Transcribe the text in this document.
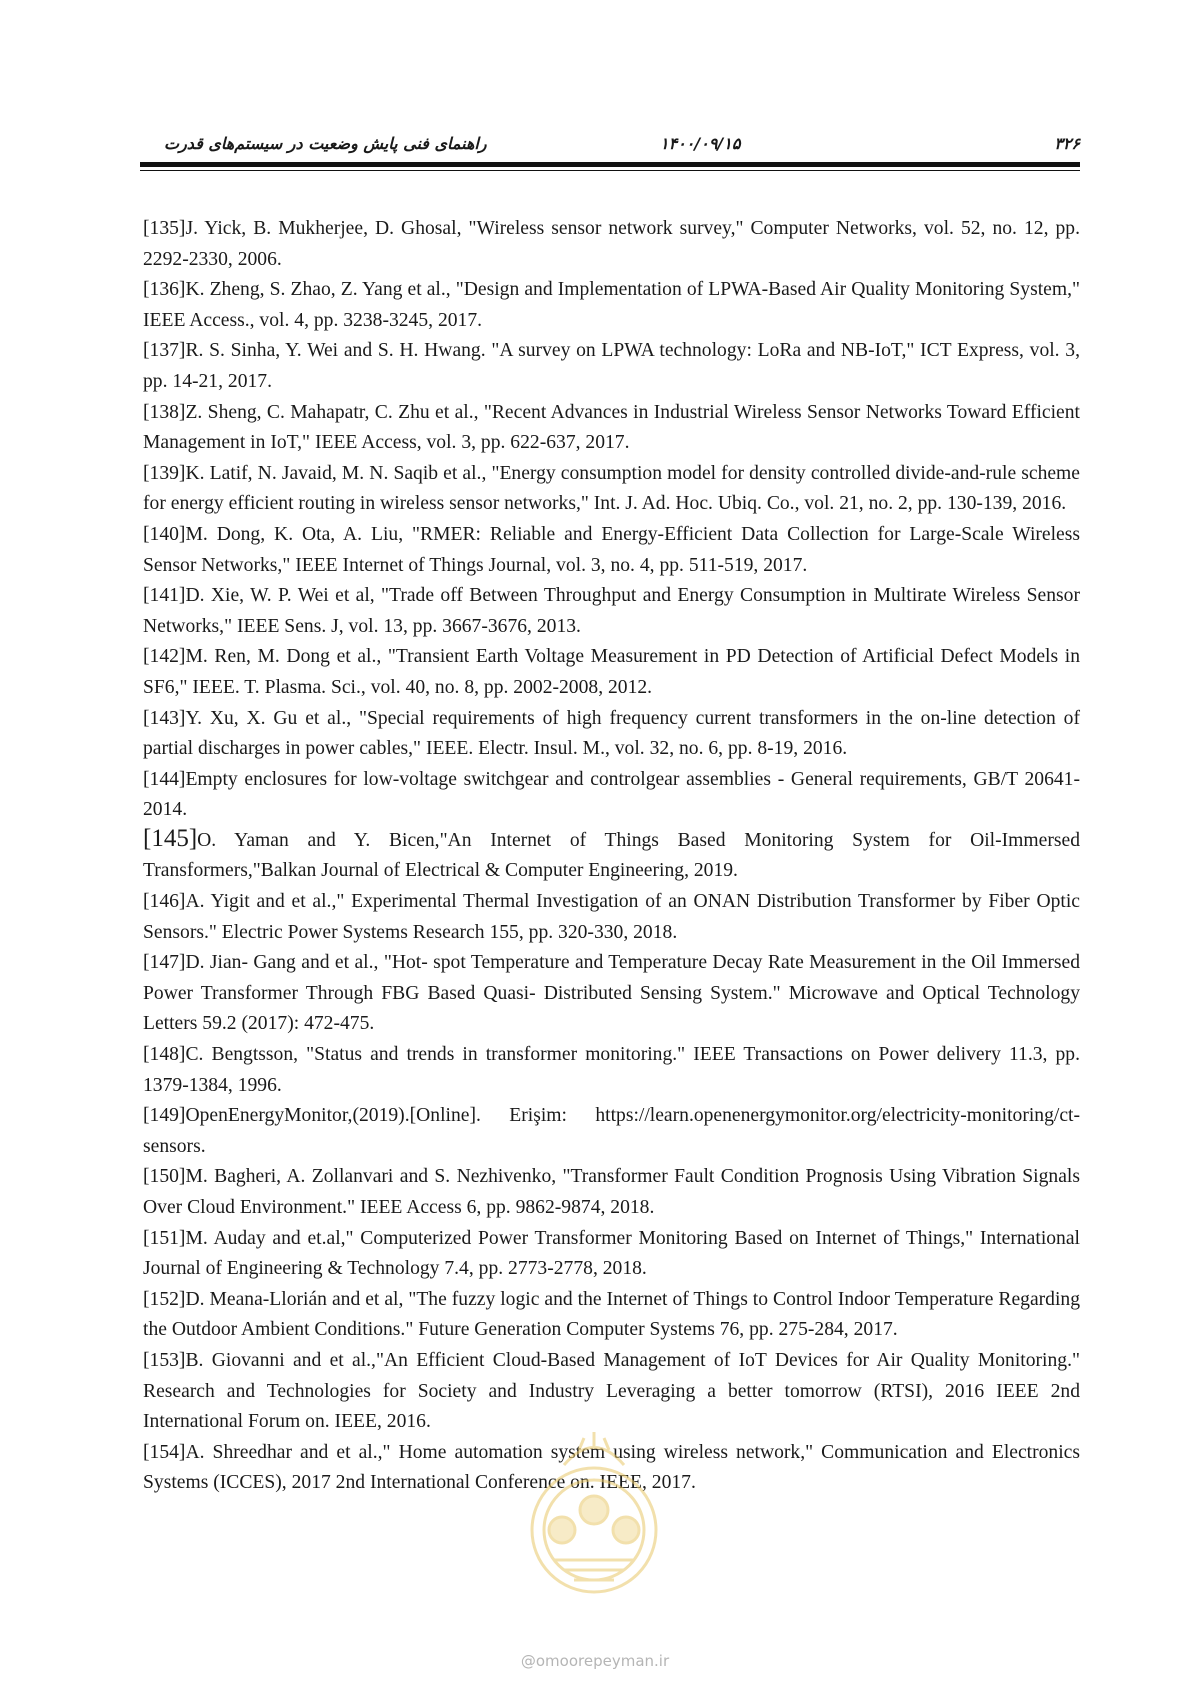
راهنمای فنی پایش وضعیت در سیستم‌های قدرت	۱۴۰۰/۰۹/۱۵	۳۲۶

[135]J. Yick, B. Mukherjee, D. Ghosal, "Wireless sensor network survey," Computer Networks, vol. 52, no. 12, pp. 2292-2330, 2006.

[136]K. Zheng, S. Zhao, Z. Yang et al., "Design and Implementation of LPWA-Based Air Quality Monitoring System," IEEE Access., vol. 4, pp. 3238-3245, 2017.

[137]R. S. Sinha, Y. Wei and S. H. Hwang. "A survey on LPWA technology: LoRa and NB-IoT," ICT Express, vol. 3, pp. 14-21, 2017.

[138]Z. Sheng, C. Mahapatr, C. Zhu et al., "Recent Advances in Industrial Wireless Sensor Networks Toward Efficient Management in IoT," IEEE Access, vol. 3, pp. 622-637, 2017.

[139]K. Latif, N. Javaid, M. N. Saqib et al., "Energy consumption model for density controlled divide-and-rule scheme for energy efficient routing in wireless sensor networks," Int. J. Ad. Hoc. Ubiq. Co., vol. 21, no. 2, pp. 130-139, 2016.

[140]M. Dong, K. Ota, A. Liu, "RMER: Reliable and Energy-Efficient Data Collection for Large-Scale Wireless Sensor Networks," IEEE Internet of Things Journal, vol. 3, no. 4, pp. 511-519, 2017.

[141]D. Xie, W. P. Wei et al, "Trade off Between Throughput and Energy Consumption in Multirate Wireless Sensor Networks," IEEE Sens. J, vol. 13, pp. 3667-3676, 2013.

[142]M. Ren, M. Dong et al., "Transient Earth Voltage Measurement in PD Detection of Artificial Defect Models in SF6," IEEE. T. Plasma. Sci., vol. 40, no. 8, pp. 2002-2008, 2012.

[143]Y. Xu, X. Gu et al., "Special requirements of high frequency current transformers in the on-line detection of partial discharges in power cables," IEEE. Electr. Insul. M., vol. 32, no. 6, pp. 8-19, 2016.

[144]Empty enclosures for low-voltage switchgear and controlgear assemblies - General requirements, GB/T 20641-2014.

[145]O. Yaman and Y. Bicen,"An Internet of Things Based Monitoring System for Oil-Immersed Transformers,"Balkan Journal of Electrical & Computer Engineering, 2019.

[146]A. Yigit and et al.," Experimental Thermal Investigation of an ONAN Distribution Transformer by Fiber Optic Sensors." Electric Power Systems Research 155, pp. 320-330, 2018.

[147]D. Jian- Gang and et al., "Hot- spot Temperature and Temperature Decay Rate Measurement in the Oil Immersed Power Transformer Through FBG Based Quasi- Distributed Sensing System." Microwave and Optical Technology Letters 59.2 (2017): 472-475.

[148]C. Bengtsson, "Status and trends in transformer monitoring." IEEE Transactions on Power delivery 11.3, pp. 1379-1384, 1996.

[149]OpenEnergyMonitor,(2019).[Online]. Erişim: https://learn.openenergymonitor.org/electricity-monitoring/ct-sensors.

[150]M. Bagheri, A. Zollanvari and S. Nezhivenko, "Transformer Fault Condition Prognosis Using Vibration Signals Over Cloud Environment." IEEE Access 6, pp. 9862-9874, 2018.

[151]M. Auday and et.al," Computerized Power Transformer Monitoring Based on Internet of Things," International Journal of Engineering & Technology 7.4, pp. 2773-2778, 2018.

[152]D. Meana-Llorián and et al, "The fuzzy logic and the Internet of Things to Control Indoor Temperature Regarding the Outdoor Ambient Conditions." Future Generation Computer Systems 76, pp. 275-284, 2017.

[153]B. Giovanni and et al.,"An Efficient Cloud-Based Management of IoT Devices for Air Quality Monitoring." Research and Technologies for Society and Industry Leveraging a better tomorrow (RTSI), 2016 IEEE 2nd International Forum on. IEEE, 2016.

[154]A. Shreedhar and et al.," Home automation system using wireless network," Communication and Electronics Systems (ICCES), 2017 2nd International Conference on. IEEE, 2017.

@omoorepeyman.ir
